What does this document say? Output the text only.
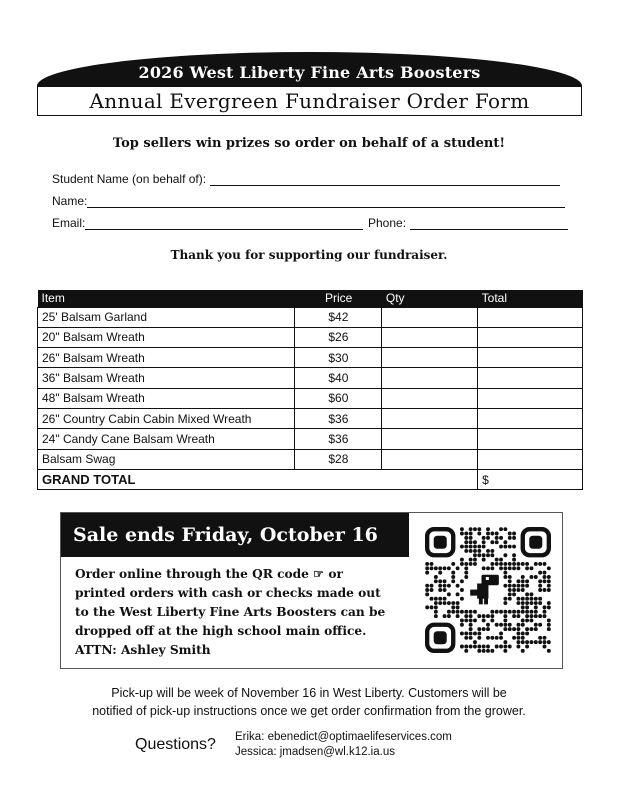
2026 West Liberty Fine Arts Boosters
Annual Evergreen Fundraiser Order Form
Top sellers win prizes so order on behalf of a student!
Student Name (on behalf of):
Name:
Email:	Phone:
Thank you for supporting our fundraiser.
Item	Price	Qty	Total
25' Balsam Garland	$42		
20" Balsam Wreath	$26		
26" Balsam Wreath	$30		
36" Balsam Wreath	$40		
48" Balsam Wreath	$60		
26" Country Cabin Cabin Mixed Wreath	$36		
24" Candy Cane Balsam Wreath	$36		
Balsam Swag	$28		
GRAND TOTAL			$
Sale ends Friday, October 16
Order online through the QR code ☞ or
printed orders with cash or checks made out
to the West Liberty Fine Arts Boosters can be
dropped off at the high school main office.
ATTN: Ashley Smith
Pick-up will be week of November 16 in West Liberty. Customers will be
notified of pick-up instructions once we get order confirmation from the grower.
Questions? Erika: ebenedict@optimaelifeservices.com
Jessica: jmadsen@wl.k12.ia.us
